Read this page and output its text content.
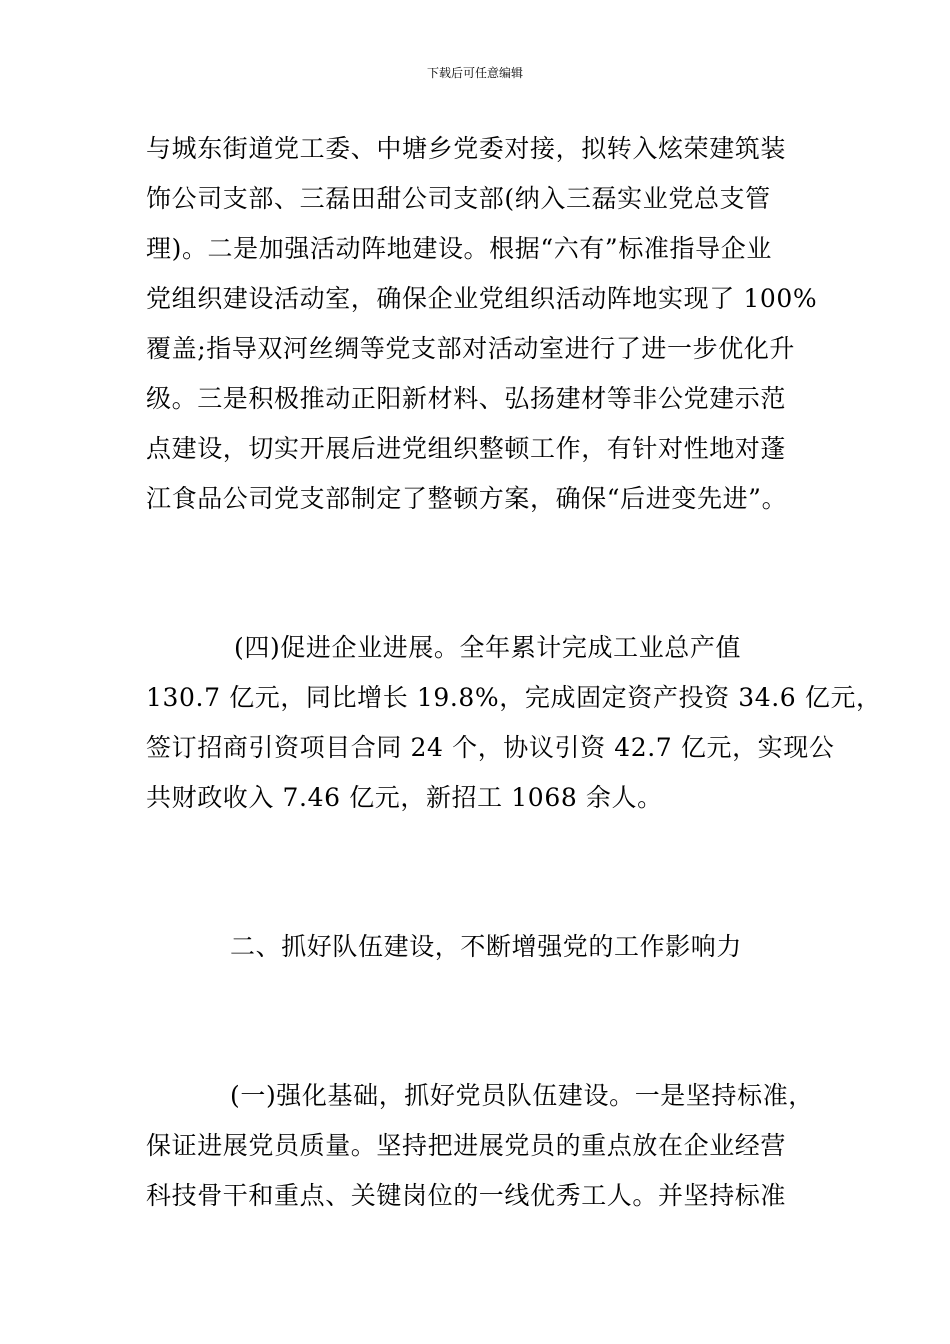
下载后可任意编辑
与城东街道党工委、中塘乡党委对接，拟转入炫荣建筑装
饰公司支部、三磊田甜公司支部(纳入三磊实业党总支管
理)。二是加强活动阵地建设。根据“六有”标准指导企业
党组织建设活动室，确保企业党组织活动阵地实现了 100%
覆盖;指导双河丝绸等党支部对活动室进行了进一步优化升
级。三是积极推动正阳新材料、弘扬建材等非公党建示范
点建设，切实开展后进党组织整顿工作，有针对性地对蓬
江食品公司党支部制定了整顿方案，确保“后进变先进”。
(四)促进企业进展。全年累计完成工业总产值
130.7 亿元，同比增长 19.8%，完成固定资产投资 34.6 亿元，
签订招商引资项目合同 24 个，协议引资 42.7 亿元，实现公
共财政收入 7.46 亿元，新招工 1068 余人。
二、抓好队伍建设，不断增强党的工作影响力
(一)强化基础，抓好党员队伍建设。一是坚持标准，
保证进展党员质量。坚持把进展党员的重点放在企业经营
科技骨干和重点、关键岗位的一线优秀工人。并坚持标准
